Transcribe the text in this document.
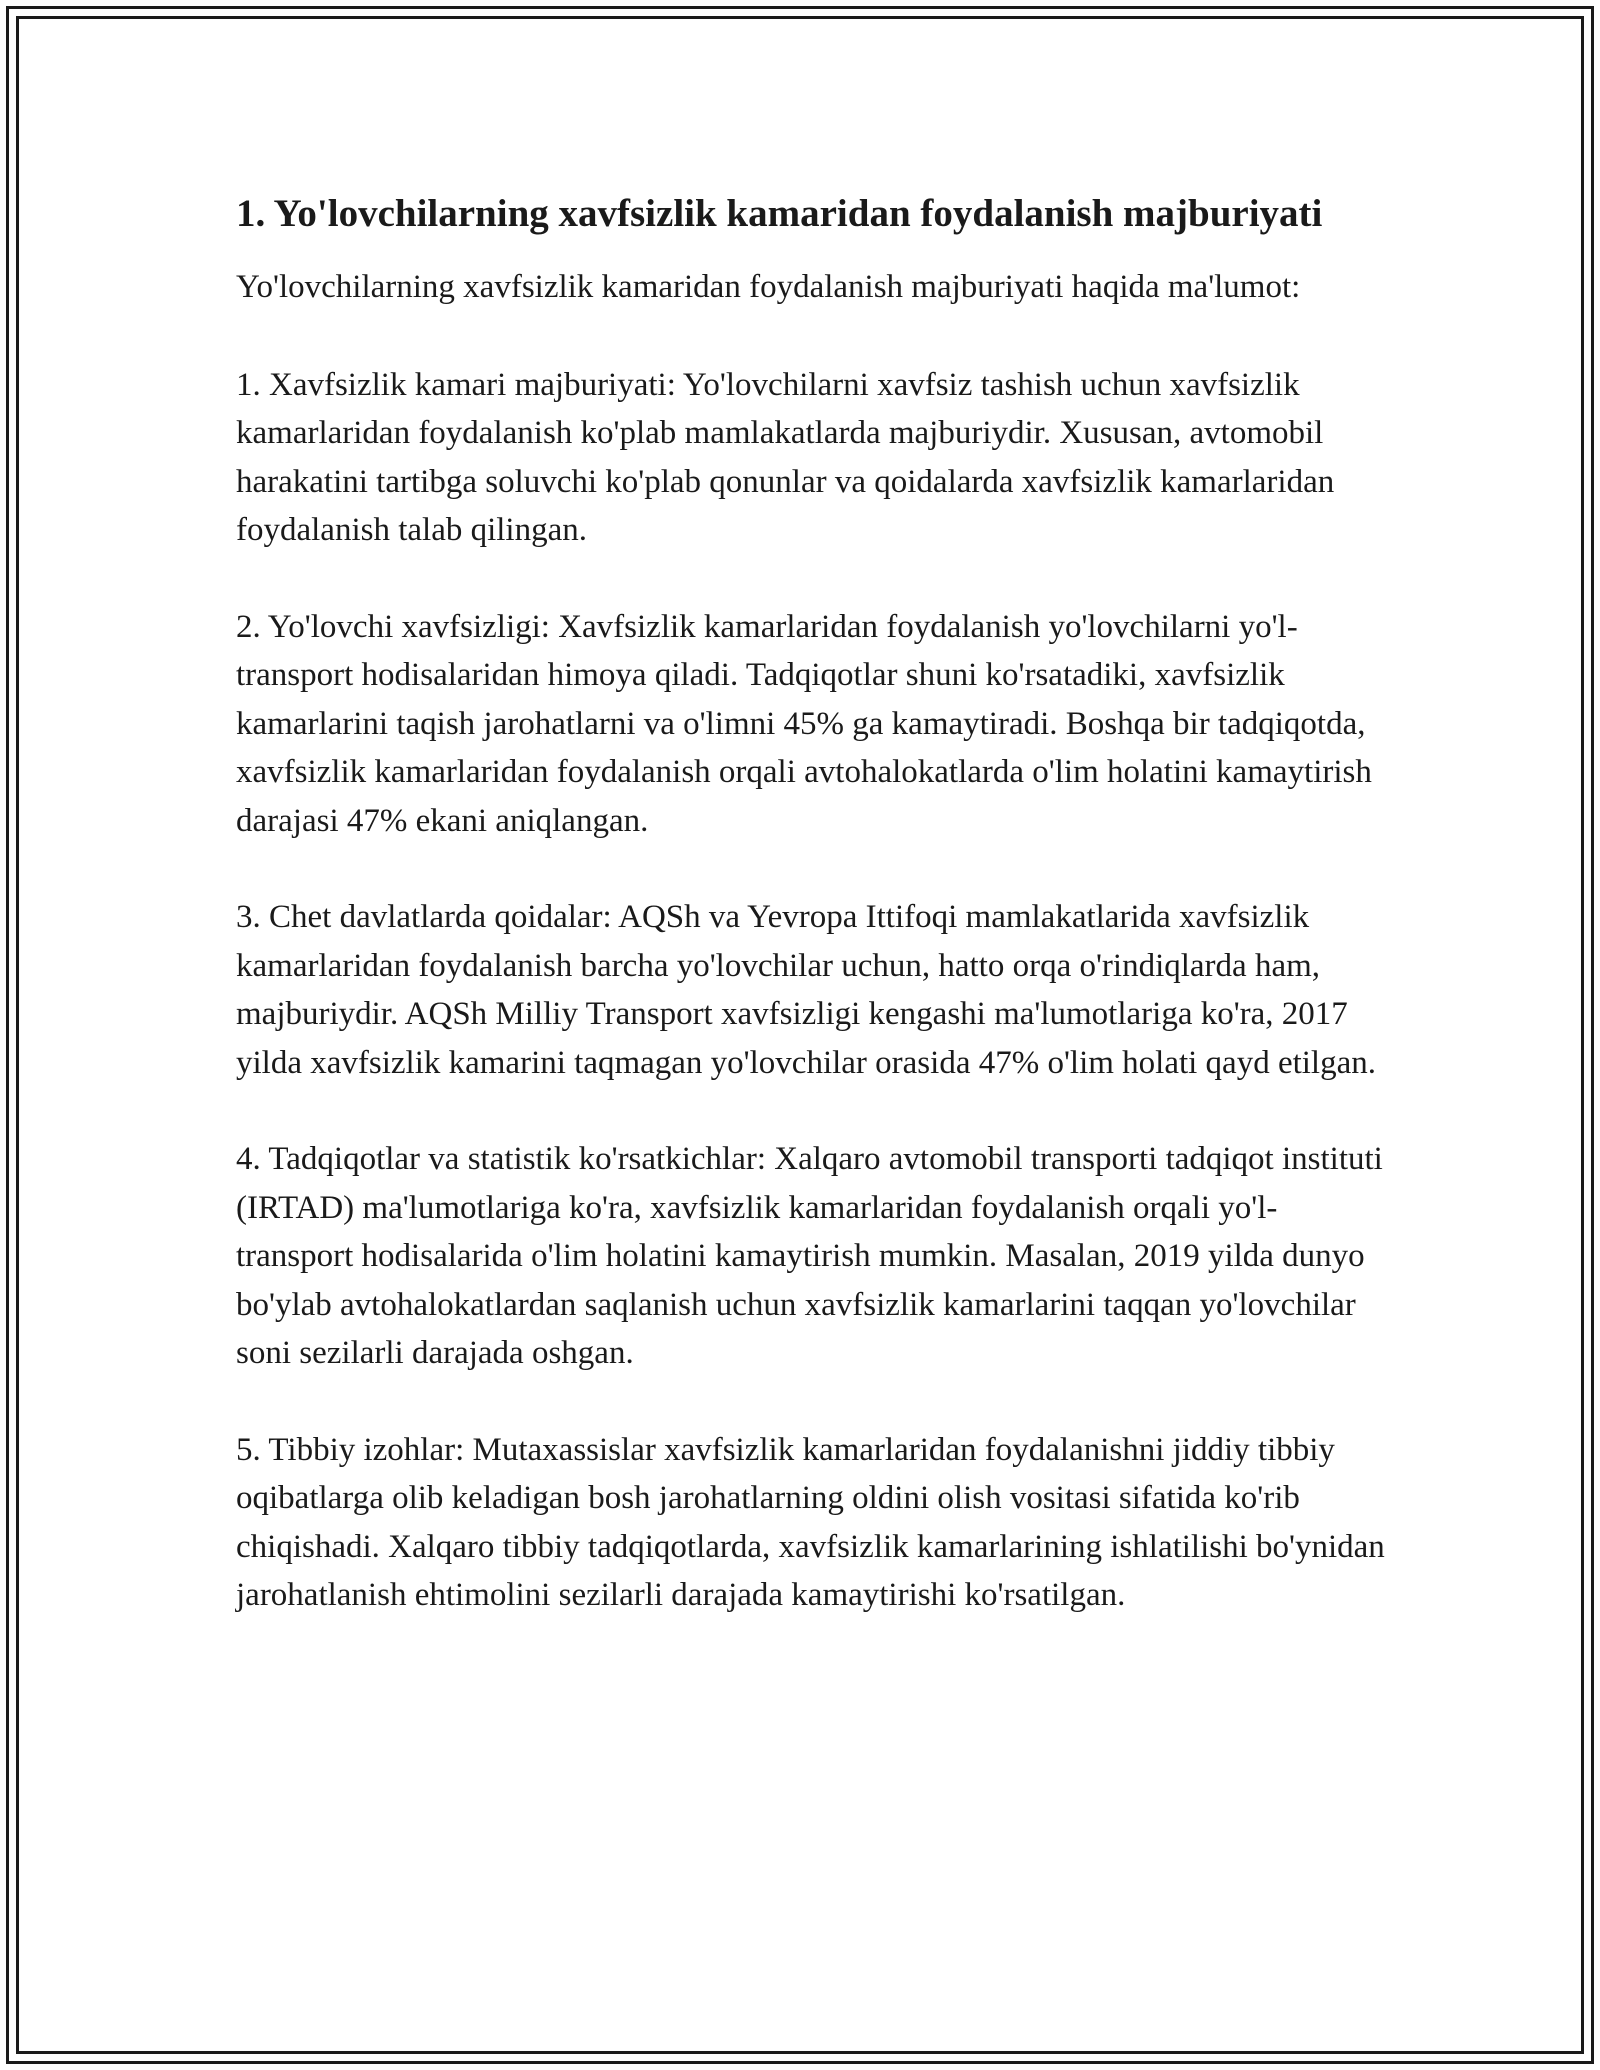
1. Yo'lovchilarning xavfsizlik kamaridan foydalanish majburiyati

Yo'lovchilarning xavfsizlik kamaridan foydalanish majburiyati haqida ma'lumot:

1. Xavfsizlik kamari majburiyati: Yo'lovchilarni xavfsiz tashish uchun xavfsizlik kamarlaridan foydalanish ko'plab mamlakatlarda majburiydir. Xususan, avtomobil harakatini tartibga soluvchi ko'plab qonunlar va qoidalarda xavfsizlik kamarlaridan foydalanish talab qilingan.

2. Yo'lovchi xavfsizligi: Xavfsizlik kamarlaridan foydalanish yo'lovchilarni yo'l-transport hodisalaridan himoya qiladi. Tadqiqotlar shuni ko'rsatadiki, xavfsizlik kamarlarini taqish jarohatlarni va o'limni 45% ga kamaytiradi. Boshqa bir tadqiqotda, xavfsizlik kamarlaridan foydalanish orqali avtohalokatlarda o'lim holatini kamaytirish darajasi 47% ekani aniqlangan.

3. Chet davlatlarda qoidalar: AQSh va Yevropa Ittifoqi mamlakatlarida xavfsizlik kamarlaridan foydalanish barcha yo'lovchilar uchun, hatto orqa o'rindiqlarda ham, majburiydir. AQSh Milliy Transport xavfsizligi kengashi ma'lumotlariga ko'ra, 2017 yilda xavfsizlik kamarini taqmagan yo'lovchilar orasida 47% o'lim holati qayd etilgan.

4. Tadqiqotlar va statistik ko'rsatkichlar: Xalqaro avtomobil transporti tadqiqot instituti (IRTAD) ma'lumotlariga ko'ra, xavfsizlik kamarlaridan foydalanish orqali yo'l-transport hodisalarida o'lim holatini kamaytirish mumkin. Masalan, 2019 yilda dunyo bo'ylab avtohalokatlardan saqlanish uchun xavfsizlik kamarlarini taqqan yo'lovchilar soni sezilarli darajada oshgan.

5. Tibbiy izohlar: Mutaxassislar xavfsizlik kamarlaridan foydalanishni jiddiy tibbiy oqibatlarga olib keladigan bosh jarohatlarning oldini olish vositasi sifatida ko'rib chiqishadi. Xalqaro tibbiy tadqiqotlarda, xavfsizlik kamarlarining ishlatilishi bo'ynidan jarohatlanish ehtimolini sezilarli darajada kamaytirishi ko'rsatilgan.
